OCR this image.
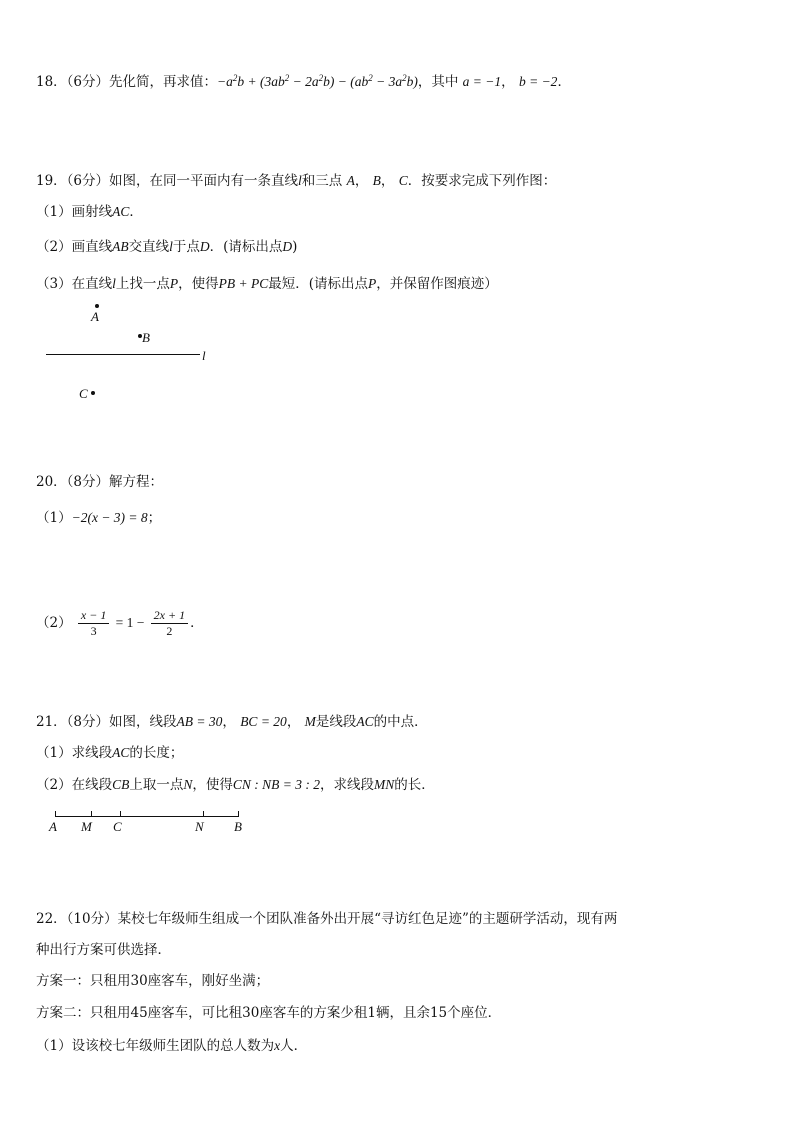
18．（6分）先化简，再求值：$-a^2b + (3ab^2 - 2a^2b) - (ab^2 - 3a^2b)$，其中 a = −1， b = −2．
19．（6分）如图，在同一平面内有一条直线l和三点 A， B， C．按要求完成下列作图：
（1）画射线AC．
（2）画直线AB交直线l于点D．(请标出点D)
（3）在直线l上找一点P，使得PB + PC最短．(请标出点P，并保留作图痕迹）
A
B
l
C
20．（8分）解方程：
（1）−2(x − 3) = 8；
$(2) \frac{x - 1}{3} = 1 - \frac{2x + 1}{2}$ ．
21．（8分）如图，线段AB = 30， BC = 20， M是线段AC的中点．
（1）求线段AC的长度；
（2）在线段CB上取一点N，使得CN : NB = 3 : 2，求线段MN的长．
A M C	N B
22．（10分）某校七年级师生组成一个团队准备外出开展“寻访红色足迹”的主题研学活动，现有两
种出行方案可供选择．
方案一：只租用30座客车，刚好坐满；
方案二：只租用45座客车，可比租30座客车的方案少租1辆，且余15个座位．
（1）设该校七年级师生团队的总人数为x人．
